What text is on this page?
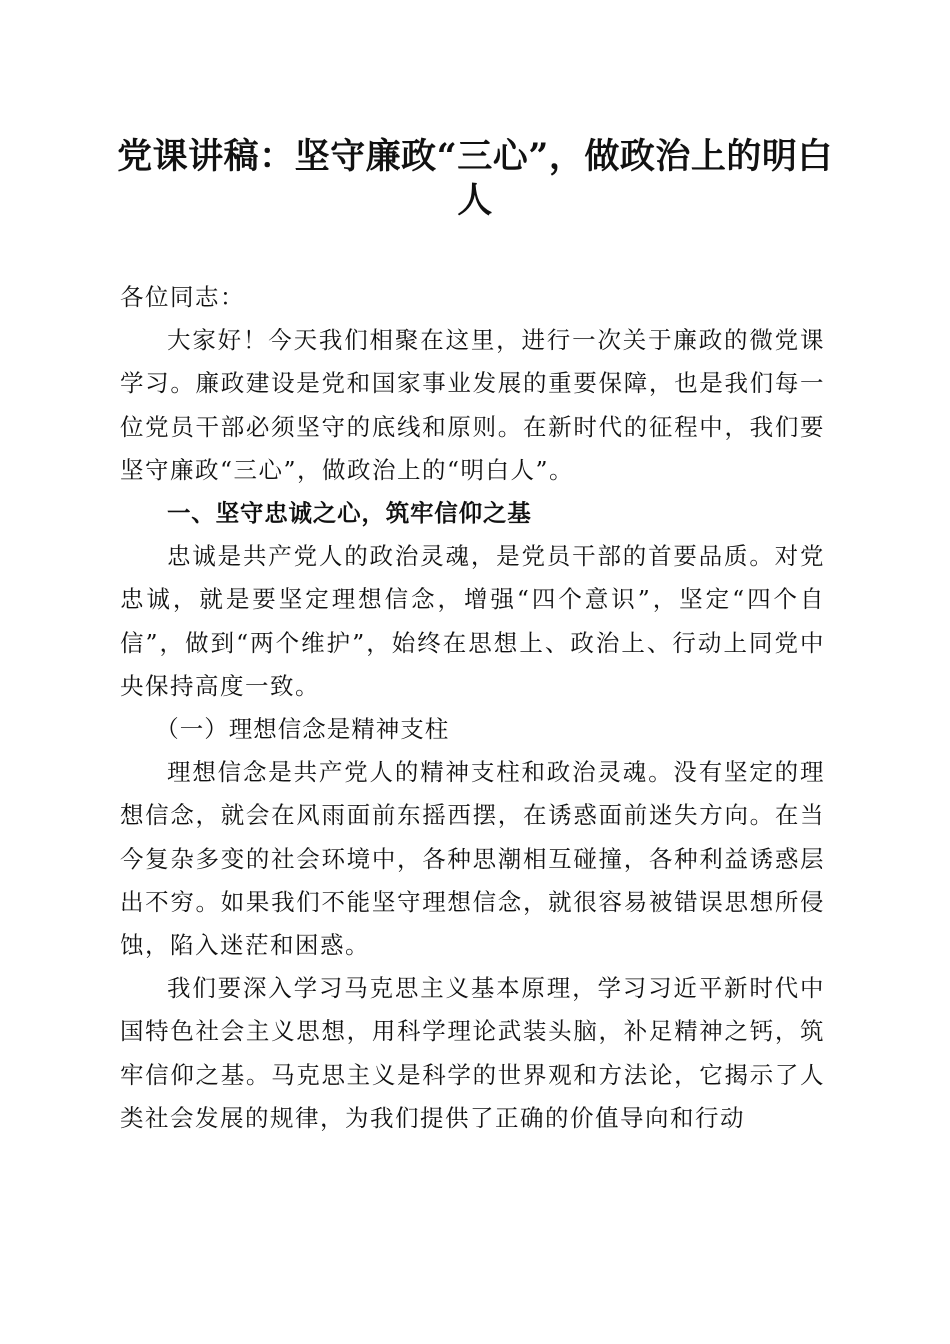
党课讲稿：坚守廉政“三心”，做政治上的明白人

各位同志：

大家好！今天我们相聚在这里，进行一次关于廉政的微党课学习。廉政建设是党和国家事业发展的重要保障，也是我们每一位党员干部必须坚守的底线和原则。在新时代的征程中，我们要坚守廉政“三心”，做政治上的“明白人”。

一、坚守忠诚之心，筑牢信仰之基

忠诚是共产党人的政治灵魂，是党员干部的首要品质。对党忠诚，就是要坚定理想信念，增强“四个意识”，坚定“四个自信”，做到“两个维护”，始终在思想上、政治上、行动上同党中央保持高度一致。

（一）理想信念是精神支柱

理想信念是共产党人的精神支柱和政治灵魂。没有坚定的理想信念，就会在风雨面前东摇西摆，在诱惑面前迷失方向。在当今复杂多变的社会环境中，各种思潮相互碰撞，各种利益诱惑层出不穷。如果我们不能坚守理想信念，就很容易被错误思想所侵蚀，陷入迷茫和困惑。

我们要深入学习马克思主义基本原理，学习习近平新时代中国特色社会主义思想，用科学理论武装头脑，补足精神之钙，筑牢信仰之基。马克思主义是科学的世界观和方法论，它揭示了人类社会发展的规律，为我们提供了正确的价值导向和行动
